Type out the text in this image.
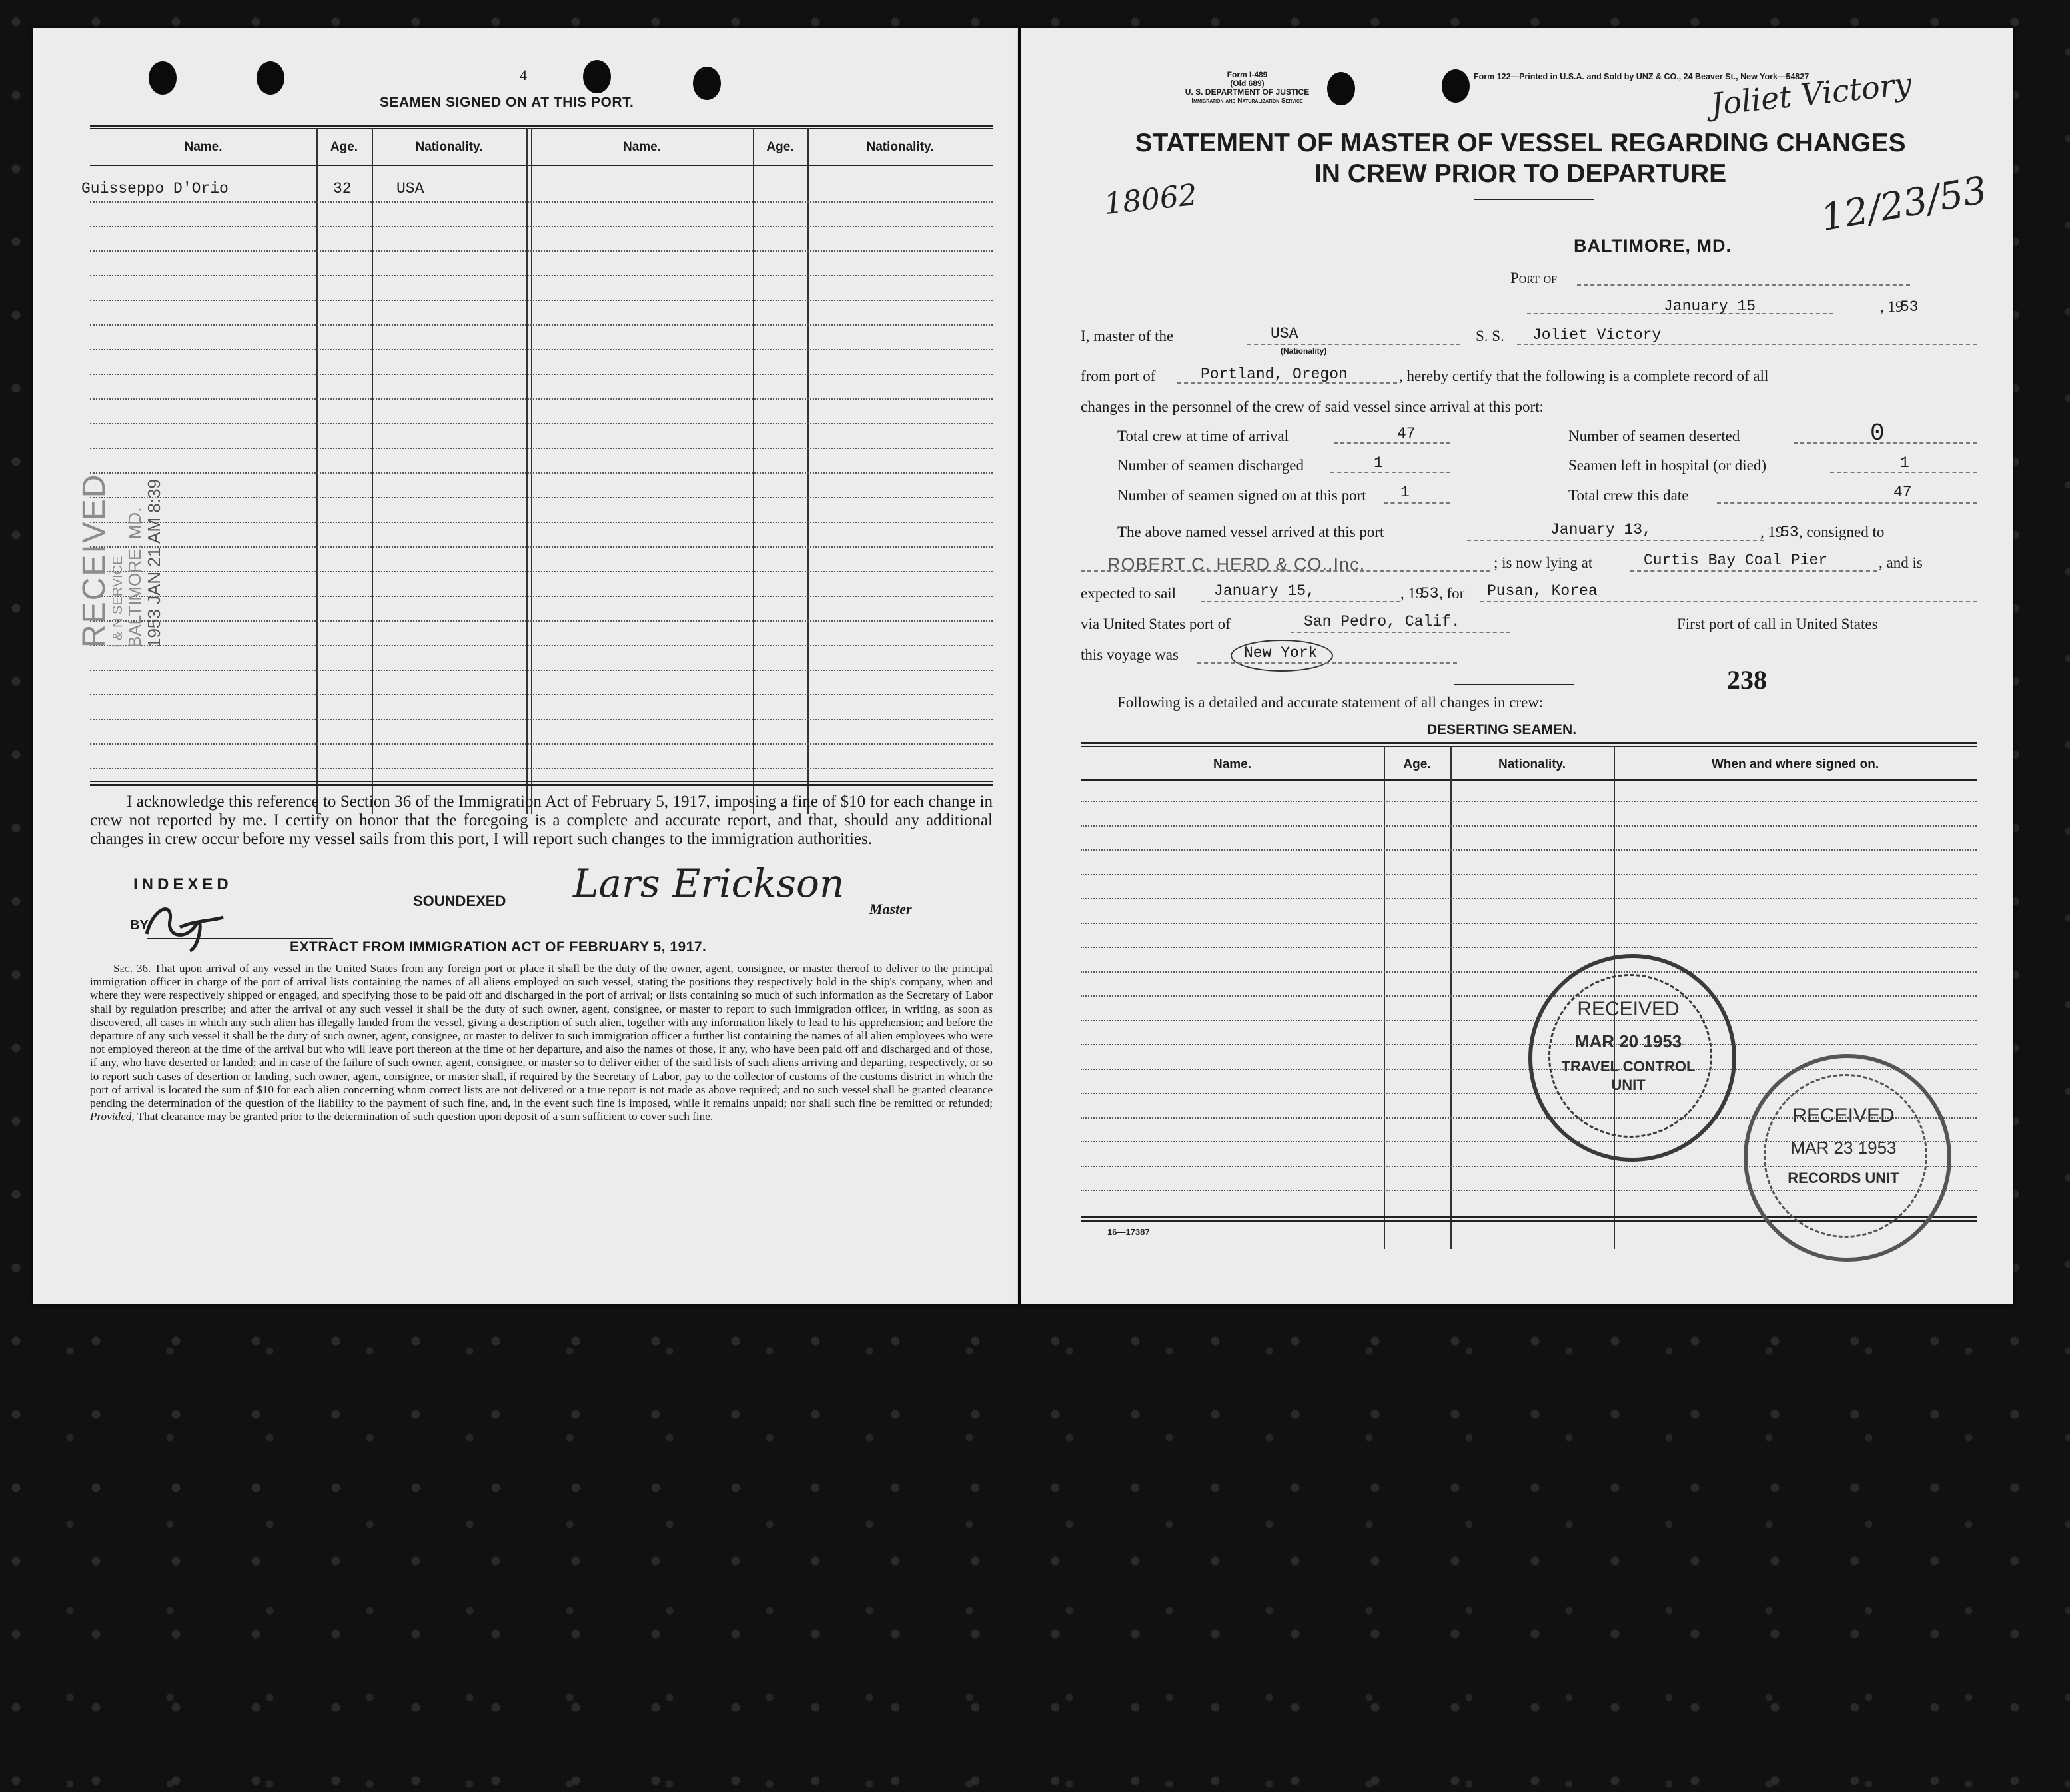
4
SEAMEN SIGNED ON AT THIS PORT.
Name.	Age.	Nationality.	Name.	Age.	Nationality.
Guisseppo D'Orio	32	USA
RECEIVED
I & N SERVICE BALTIMORE, MD. 1953 JAN 21 AM 8:39
I acknowledge this reference to Section 36 of the Immigration Act of February 5, 1917, imposing a fine of $10 for each change in crew not reported by me. I certify on honor that the foregoing is a complete and accurate report, and that, should any additional changes in crew occur before my vessel sails from this port, I will report such changes to the immigration authorities.
INDEXED
BY
SOUNDEXED Lars Erickson
Master
EXTRACT FROM IMMIGRATION ACT OF FEBRUARY 5, 1917.
Sec. 36. That upon arrival of any vessel in the United States from any foreign port or place it shall be the duty of the owner, agent, consignee, or master thereof to deliver to the principal immigration officer in charge of the port of arrival lists containing the names of all aliens employed on such vessel, stating the positions they respectively hold in the ship's company, when and where they were respectively shipped or engaged, and specifying those to be paid off and discharged in the port of arrival; or lists containing so much of such information as the Secretary of Labor shall by regulation prescribe; and after the arrival of any such vessel it shall be the duty of such owner, agent, consignee, or master to report to such immigration officer, in writing, as soon as discovered, all cases in which any such alien has illegally landed from the vessel, giving a description of such alien, together with any information likely to lead to his apprehension; and before the departure of any such vessel it shall be the duty of such owner, agent, consignee, or master to deliver to such immigration officer a further list containing the names of all alien employees who were not employed thereon at the time of the arrival but who will leave port thereon at the time of her departure, and also the names of those, if any, who have been paid off and discharged and of those, if any, who have deserted or landed; and in case of the failure of such owner, agent, consignee, or master so to deliver either of the said lists of such aliens arriving and departing, respectively, or so to report such cases of desertion or landing, such owner, agent, consignee, or master shall, if required by the Secretary of Labor, pay to the collector of customs of the customs district in which the port of arrival is located the sum of $10 for each alien concerning whom correct lists are not delivered or a true report is not made as above required; and no such vessel shall be granted clearance pending the determination of the question of the liability to the payment of such fine, and, in the event such fine is imposed, while it remains unpaid; nor shall such fine be remitted or refunded; Provided, That clearance may be granted prior to the determination of such question upon deposit of a sum sufficient to cover such fine.
Form I-489
(Old 689)
U. S. DEPARTMENT OF JUSTICE
Immigration and Naturalization Service
Form 122—Printed in U.S.A. and Sold by UNZ & CO., 24 Beaver St., New York—54827
Joliet Victory
18062	12/23/53
STATEMENT OF MASTER OF VESSEL REGARDING CHANGES
IN CREW PRIOR TO DEPARTURE
BALTIMORE, MD.
Port of
January 15	, 19
53
I, master of the	USA
(Nationality)
S. S. Joliet Victory
from port of	Portland, Oregon	, hereby certify that the following is a complete record of all
changes in the personnel of the crew of said vessel since arrival at this port:
Total crew at time of arrival	47	Number of seamen deserted	0
Number of seamen discharged	1	Seamen left in hospital (or died)	1
Number of seamen signed on at this port 1	Total crew this date	47
The above named vessel arrived at this port	January 13,	, 19
53 , consigned to
ROBERT C. HERD & CO.,Inc.	; is now lying at	Curtis Bay Coal Pier	, and is
expected to sail January 15,	, 19
53 , for Pusan, Korea
via United States port of	San Pedro, Calif.	First port of call in United States
this voyage was	New York
238
Following is a detailed and accurate statement of all changes in crew:
DESERTING SEAMEN.
Name.	Age.	Nationality.	When and where signed on.
RECEIVED
MAR 20 1953
TRAVEL CONTROL
UNIT
RECEIVED
MAR 23 1953
RECORDS UNIT
16—17387
